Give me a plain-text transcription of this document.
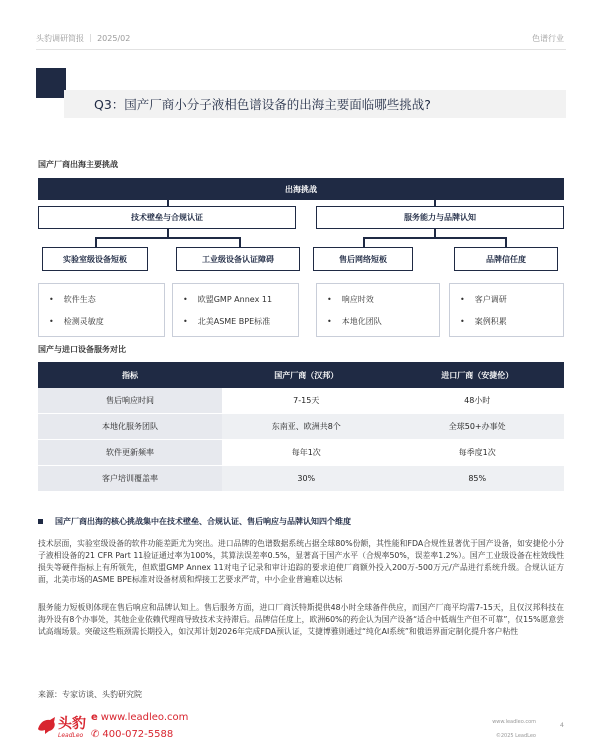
头豹调研简报 ｜ 2025/02	色谱行业
Q3：国产厂商小分子液相色谱设备的出海主要面临哪些挑战?
国产厂商出海主要挑战
出海挑战
技术壁垒与合规认证	服务能力与品牌认知
实验室级设备短板	工业级设备认证障碍	售后网络短板	品牌信任度
• 软件生态
• 检测灵敏度
• 欧盟GMP Annex 11
• 北美ASME BPE标准
• 响应时效
• 本地化团队
• 客户调研
• 案例积累
国产与进口设备服务对比
指标	国产厂商（汉邦）	进口厂商（安捷伦）
售后响应时间	7-15天	48小时
本地化服务团队	东南亚、欧洲共8个	全球50+办事处
软件更新频率	每年1次	每季度1次
客户培训覆盖率	30%	85%
国产厂商出海的核心挑战集中在技术壁垒、合规认证、售后响应与品牌认知四个维度
技术层面，实验室级设备的软件功能差距尤为突出。进口品牌的色谱数据系统占据全球80%份额，其性能和FDA合规性显著优于国产设备，如安捷伦小分子液相设备的21 CFR Part 11验证通过率为100%，其算法误差率0.5%，显著高于国产水平（合规率50%，误差率1.2%）。国产工业级设备在柱效线性损失等硬件指标上有所领先，但欧盟GMP Annex 11对电子记录和审计追踪的要求迫使厂商额外投入200万-500万元/产品进行系统升级。合规认证方面，北美市场的ASME BPE标准对设备材质和焊接工艺要求严苛，中小企业普遍难以达标
服务能力短板则体现在售后响应和品牌认知上。售后服务方面，进口厂商沃特斯提供48小时全球备件供应，而国产厂商平均需7-15天，且仅汉邦科技在海外设有8个办事处，其他企业依赖代理商导致技术支持滞后。品牌信任度上，欧洲60%的药企认为国产设备“适合中低端生产但不可靠”，仅15%愿意尝试高端场景。突破这些瓶颈需长期投入，如汉邦计划2026年完成FDA预认证，艾捷博雅则通过“纯化AI系统”和俄语界面定制化提升客户粘性
来源：专家访谈、头豹研究院
头豹
LeadLeo
e www.leadleo.com
✆ 400-072-5588
www.leadleo.com
©2025 LeadLeo
4
